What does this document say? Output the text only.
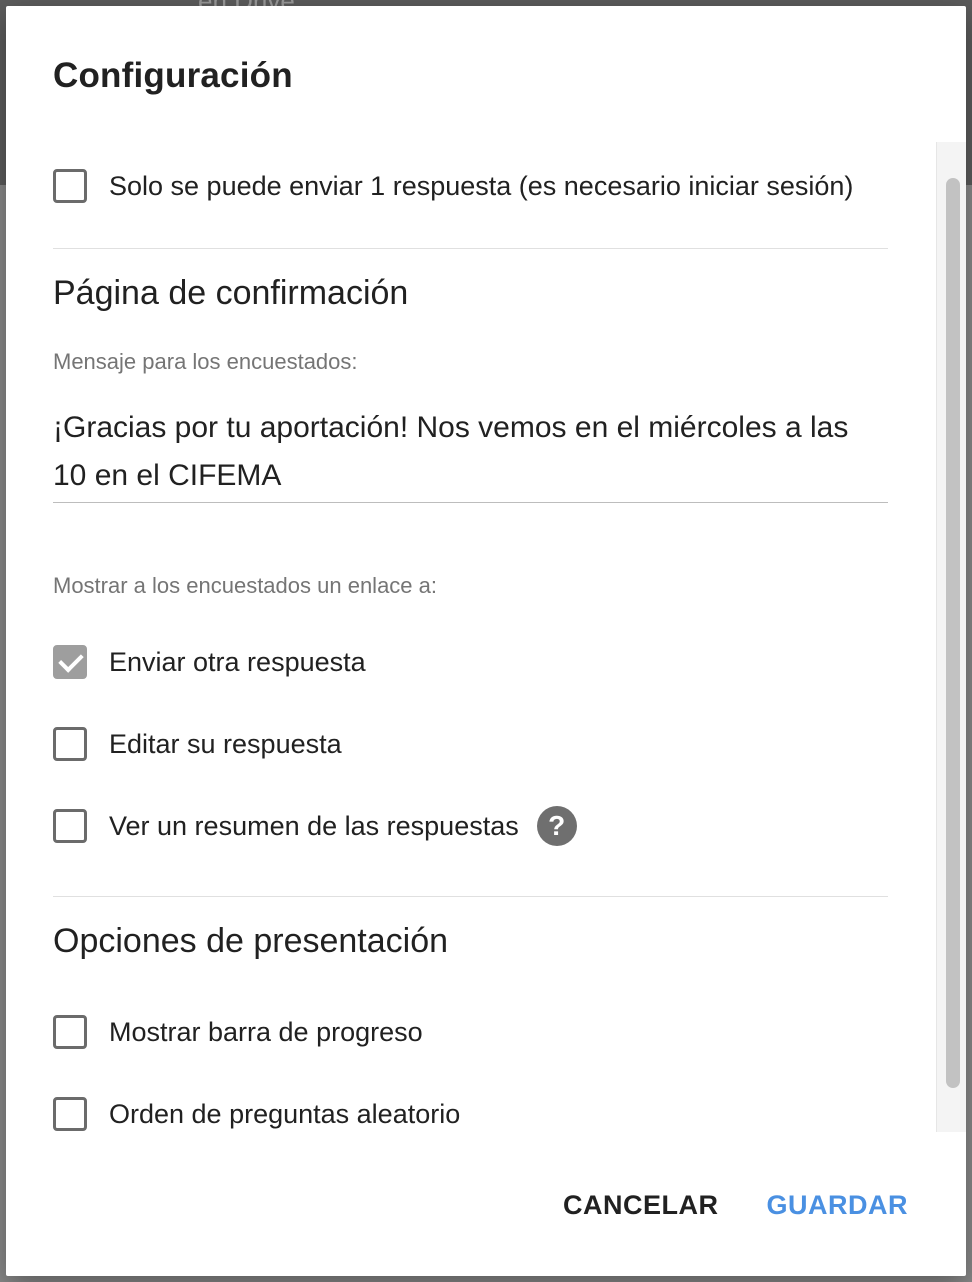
Configuración
Solo se puede enviar 1 respuesta (es necesario iniciar sesión)
Página de confirmación
Mensaje para los encuestados:
¡Gracias por tu aportación! Nos vemos en el miércoles a las 10 en el CIFEMA
Mostrar a los encuestados un enlace a:
Enviar otra respuesta
Editar su respuesta
Ver un resumen de las respuestas	?
Opciones de presentación
Mostrar barra de progreso
Orden de preguntas aleatorio
CANCELAR GUARDAR
